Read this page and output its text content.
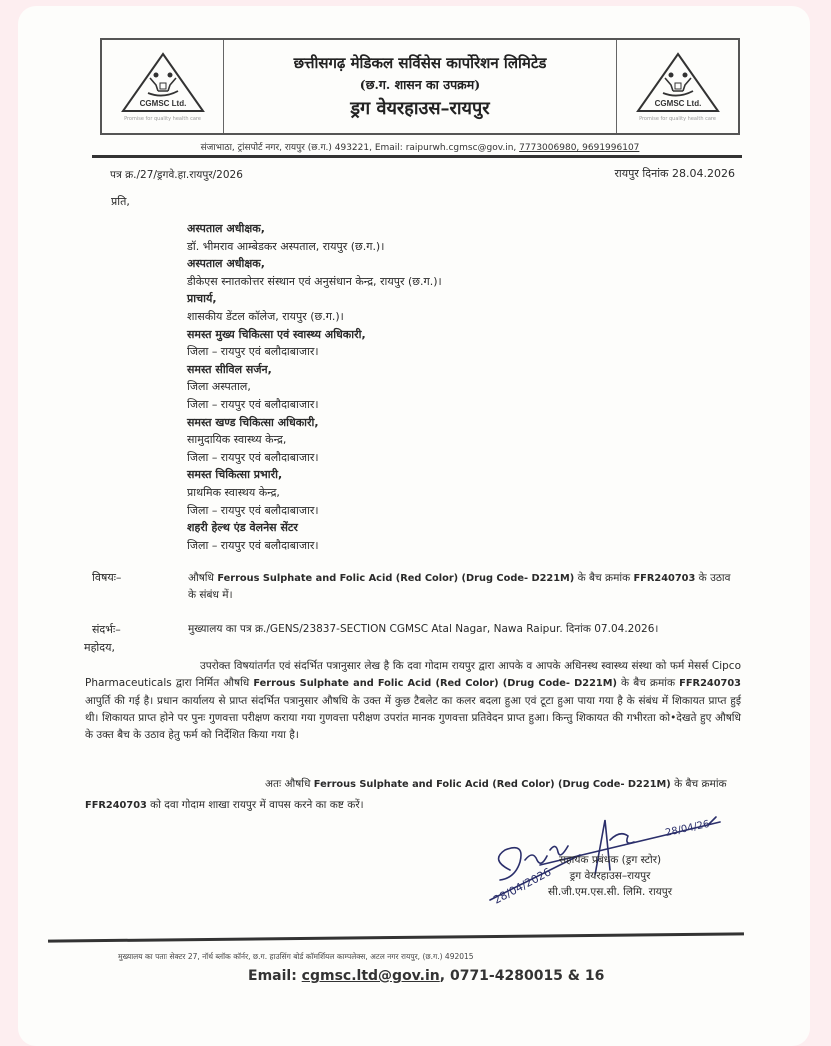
CGMSC Ltd.
Promise for quality health care
छत्तीसगढ़ मेडिकल सर्विसेस कार्पोरेशन लिमिटेड
(छ.ग. शासन का उपक्रम)
ड्रग वेयरहाउस–रायपुर	CGMSC Ltd.
Promise for quality health care
संजाभाठा, ट्रांसपोर्ट नगर, रायपुर (छ.ग.) 493221, Email: raipurwh.cgmsc@gov.in, 7773006980, 9691996107
पत्र क्र./27/ड्रगवे.हा.रायपुर/2026	रायपुर दिनांक 28.04.2026
प्रति,
अस्पताल अधीक्षक,
डॉ. भीमराव आम्बेडकर अस्पताल, रायपुर (छ.ग.)।
अस्पताल अधीक्षक,
डीकेएस स्नातकोत्तर संस्थान एवं अनुसंधान केन्द्र, रायपुर (छ.ग.)।
प्राचार्य,
शासकीय डेंटल कॉलेज, रायपुर (छ.ग.)।
समस्त मुख्य चिकित्सा एवं स्वास्थ्य अधिकारी,
जिला – रायपुर एवं बलौदाबाजार।
समस्त सीविल सर्जन,
जिला अस्पताल,
जिला – रायपुर एवं बलौदाबाजार।
समस्त खण्ड चिकित्सा अधिकारी,
सामुदायिक स्वास्थ्य केन्द्र,
जिला – रायपुर एवं बलौदाबाजार।
समस्त चिकित्सा प्रभारी,
प्राथमिक स्वास्थय केन्द्र,
जिला – रायपुर एवं बलौदाबाजार।
शहरी हेल्थ एंड वेलनेस सेंटर
जिला – रायपुर एवं बलौदाबाजार।
विषयः–	औषधि Ferrous Sulphate and Folic Acid (Red Color) (Drug Code- D221M) के बैच क्रमांक FFR240703 के उठाव के संबंध में।
संदर्भः–	मुख्यालय का पत्र क्र./GENS/23837-SECTION CGMSC Atal Nagar, Nawa Raipur. दिनांक 07.04.2026।
महोदय,
उपरोक्त विषयांतर्गत एवं संदर्भित पत्रानुसार लेख है कि दवा गोदाम रायपुर द्वारा आपके व आपके अधिनस्थ स्वास्थ्य संस्था को फर्म मेसर्स Cipco Pharmaceuticals द्वारा निर्मित औषधि Ferrous Sulphate and Folic Acid (Red Color) (Drug Code- D221M) के बैच क्रमांक FFR240703 आपुर्ति की गई है। प्रधान कार्यालय से प्राप्त संदर्भित पत्रानुसार औषधि के उक्त में कुछ टैबलेट का कलर बदला हुआ एवं टूटा हुआ पाया गया है के संबंध में शिकायत प्राप्त हुई थी। शिकायत प्राप्त होने पर पुनः गुणवत्ता परीक्षण कराया गया गुणवत्ता परीक्षण उपरांत मानक गुणवत्ता प्रतिवेदन प्राप्त हुआ। किन्तु शिकायत की गभीरता को•देखते हुए औषधि के उक्त बैच के उठाव हेतु फर्म को निर्देशित किया गया है।
अतः औषधि Ferrous Sulphate and Folic Acid (Red Color) (Drug Code- D221M) के बैच क्रमांक FFR240703 को दवा गोदाम शाखा रायपुर में वापस करने का कष्ट करें।
28/04/2026
28/04/26
सहायक प्रबंधक (ड्रग स्टोर)
ड्रग वेयरहाउस–रायपुर
सी.जी.एम.एस.सी. लिमि. रायपुर
मुख्यालय का पताः सेक्टर 27, नॉर्थ ब्लॉक कॉर्नर, छ.ग. हाउसिंग बोर्ड कॉमर्शियल काम्पलेक्स, अटल नगर रायपुर, (छ.ग.) 492015
Email: cgmsc.ltd@gov.in, 0771-4280015 & 16
